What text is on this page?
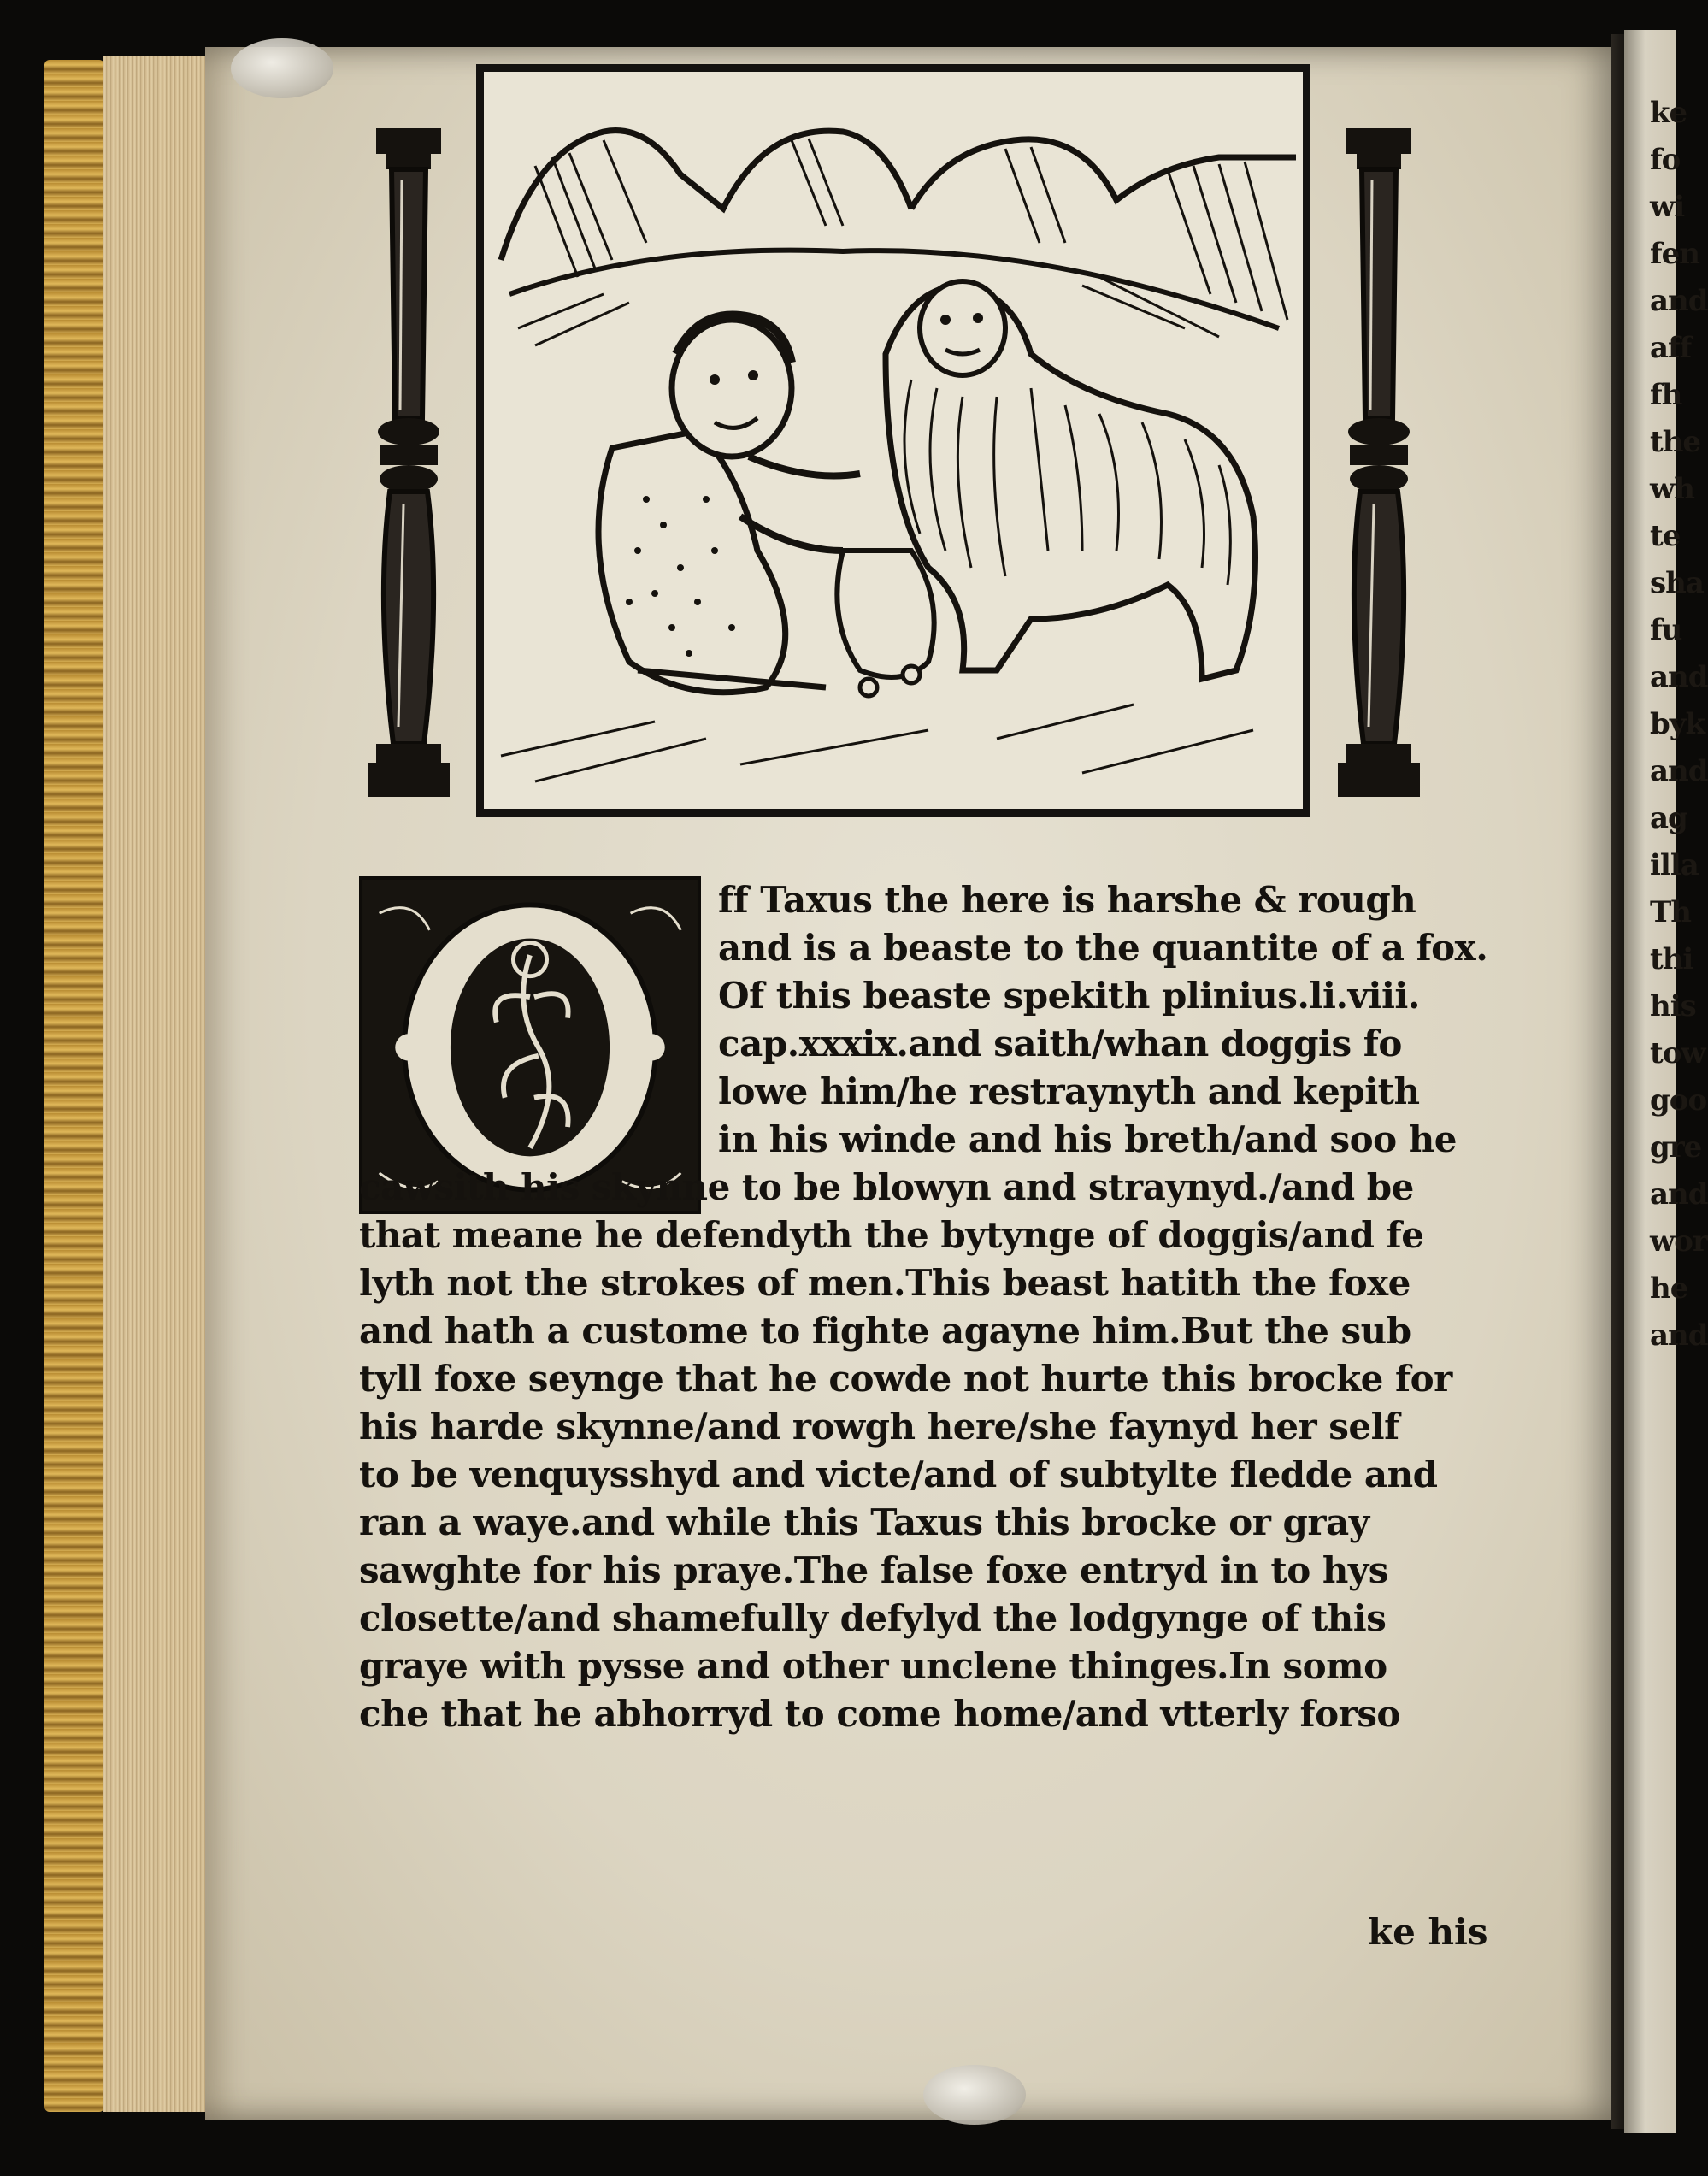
ke
fo
wi
fen
and
aff
fh
the
wh
te
sha
fu
and
byk
and
ag
illa
Th
thi
his
tow
goo
gre
and
wor
he
and
ff Taxus the here is harshe & rough
and is a beaste to the quantite of a fox.
Of this beaste spekith plinius.li.viii.
cap.xxxix.and saith/whan doggis fo
lowe him/he restraynyth and kepith
in his winde and his breth/and soo he
cawsith his skynne to be blowyn and straynyd./and be
that meane he defendyth the bytynge of doggis/and fe
lyth not the strokes of men.This beast hatith the foxe
and hath a custome to fighte agayne him.But the sub
tyll foxe seynge that he cowde not hurte this brocke for
his harde skynne/and rowgh here/she faynyd her self
to be venquysshyd and victe/and of subtylte fledde and
ran a waye.and while this Taxus this brocke or gray
sawghte for his praye.The false foxe entryd in to hys
closette/and shamefully defylyd the lodgynge of this
graye with pysse and other unclene thinges.In somo
che that he abhorryd to come home/and vtterly forso
ke his
